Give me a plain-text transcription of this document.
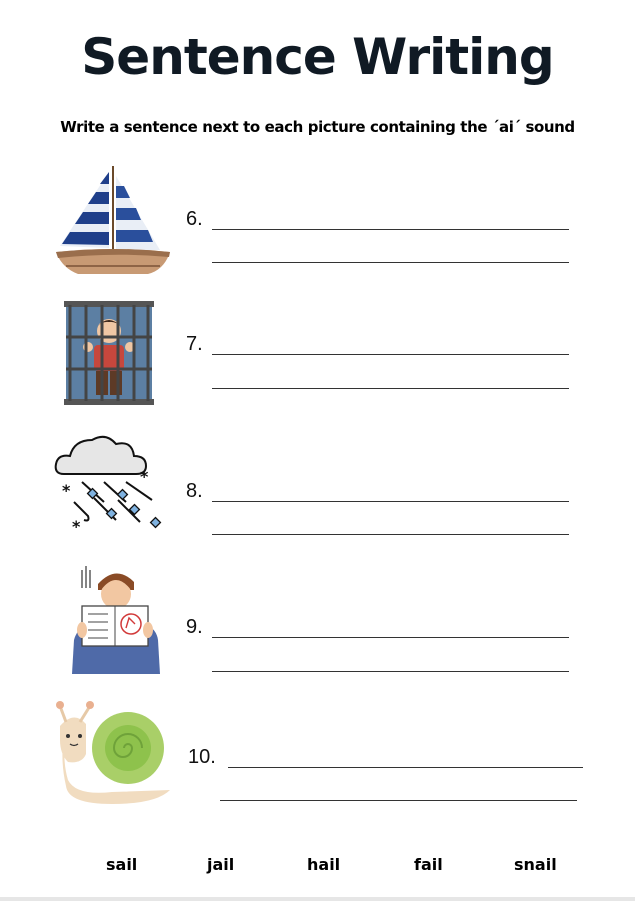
Sentence Writing
Write a sentence next to each picture containing the ˊaiˊ sound
6.
7.
*
*
*
8.
9.
10.
sail	jail	hail	fail	snail
